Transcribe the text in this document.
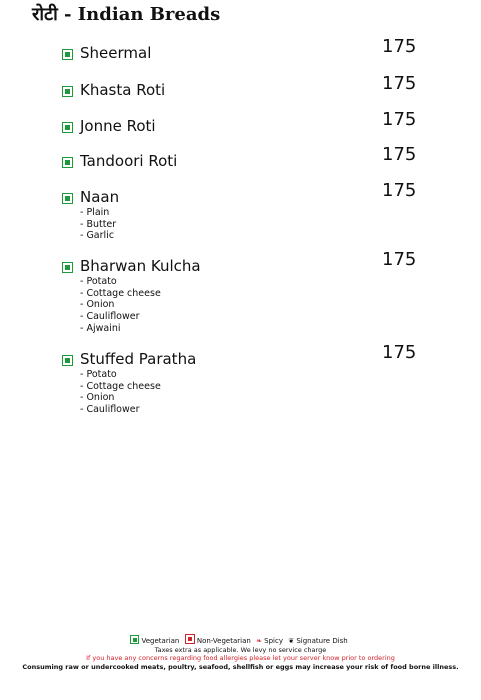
रोटी - Indian Breads
Sheermal	175
Khasta Roti	175
Jonne Roti	175
Tandoori Roti	175
Naan	175
- Plain
- Butter
- Garlic
Bharwan Kulcha	175
- Potato
- Cottage cheese
- Onion
- Cauliflower
- Ajwaini
Stuffed Paratha	175
- Potato
- Cottage cheese
- Onion
- Cauliflower
Vegetarian Non-Vegetarian ❧ Spicy ❦ Signature Dish
Taxes extra as applicable. We levy no service charge
If you have any concerns regarding food allergies please let your server know prior to ordering
Consuming raw or undercooked meats, poultry, seafood, shellfish or eggs may increase your risk of food borne illness.
